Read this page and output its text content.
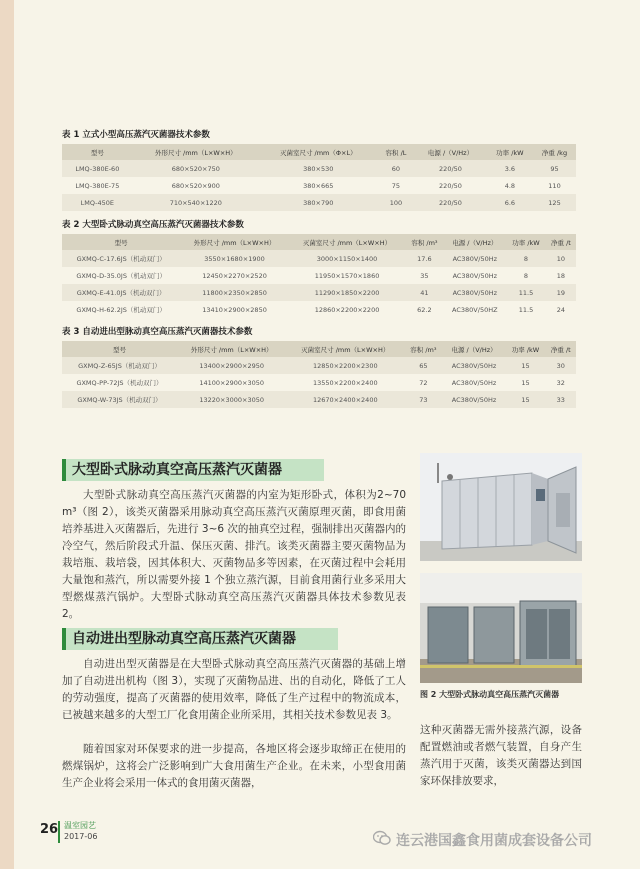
表 1 立式小型高压蒸汽灭菌器技术参数
型号	外形尺寸 /mm（L×W×H）	灭菌室尺寸 /mm（Φ×L）	容积 /L	电源 /（V/Hz）	功率 /kW	净重 /kg
LMQ-380E-60	680×520×750	380×530	60	220/50	3.6	95
LMQ-380E-75	680×520×900	380×665	75	220/50	4.8	110
LMQ-450E	710×540×1220	380×790	100	220/50	6.6	125
表 2 大型卧式脉动真空高压蒸汽灭菌器技术参数
型号	外形尺寸 /mm（L×W×H）	灭菌室尺寸 /mm（L×W×H）	容积 /m³	电源 /（V/Hz）	功率 /kW	净重 /t
GXMQ-C-17.6JS（机动双门）	3550×1680×1900	3000×1150×1400	17.6	AC380V/50Hz	8	10
GXMQ-D-35.0JS（机动双门）	12450×2270×2520	11950×1570×1860	35	AC380V/50Hz	8	18
GXMQ-E-41.0JS（机动双门）	11800×2350×2850	11290×1850×2200	41	AC380V/50Hz	11.5	19
GXMQ-H-62.2JS（机动双门）	13410×2900×2850	12860×2200×2200	62.2	AC380V/50HZ	11.5	24
表 3 自动进出型脉动真空高压蒸汽灭菌器技术参数
型号	外形尺寸 /mm（L×W×H）	灭菌室尺寸 /mm（L×W×H）	容积 /m³	电源 /（V/Hz）	功率 /kW	净重 /t
GXMQ-Z-65JS（机动双门）	13400×2900×2950	12850×2200×2300	65	AC380V/50Hz	15	30
GXMQ-PP-72JS（机动双门）	14100×2900×3050	13550×2200×2400	72	AC380V/50Hz	15	32
GXMQ-W-73JS（机动双门）	13220×3000×3050	12670×2400×2400	73	AC380V/50Hz	15	33
大型卧式脉动真空高压蒸汽灭菌器

大型卧式脉动真空高压蒸汽灭菌器的内室为矩形卧式，体积为2~70 m³（图 2），该类灭菌器采用脉动真空高压蒸汽灭菌原理灭菌，即食用菌培养基进入灭菌器后，先进行 3~6 次的抽真空过程，强制排出灭菌器内的冷空气，然后阶段式升温、保压灭菌、排汽。该类灭菌器主要灭菌物品为栽培瓶、栽培袋，因其体积大、灭菌物品多等因素，在灭菌过程中会耗用大量饱和蒸汽，所以需要外接 1 个独立蒸汽源，目前食用菌行业多采用大型燃煤蒸汽锅炉。大型卧式脉动真空高压蒸汽灭菌器具体技术参数见表 2。

自动进出型脉动真空高压蒸汽灭菌器

自动进出型灭菌器是在大型卧式脉动真空高压蒸汽灭菌器的基础上增加了自动进出机构（图 3），实现了灭菌物品进、出的自动化，降低了工人的劳动强度，提高了灭菌器的使用效率，降低了生产过程中的物流成本，已被越来越多的大型工厂化食用菌企业所采用，其相关技术参数见表 3。

随着国家对环保要求的进一步提高，各地区将会逐步取缔正在使用的燃煤锅炉，这将会广泛影响到广大食用菌生产企业。在未来，小型食用菌生产企业将会采用一体式的食用菌灭菌器，

这种灭菌器无需外接蒸汽源，设备配置燃油或者燃气装置，自身产生蒸汽用于灭菌，该类灭菌器达到国家环保排放要求，

图 2 大型卧式脉动真空高压蒸汽灭菌器
26 温室园艺
2017-06	连云港国鑫食用菌成套设备公司
